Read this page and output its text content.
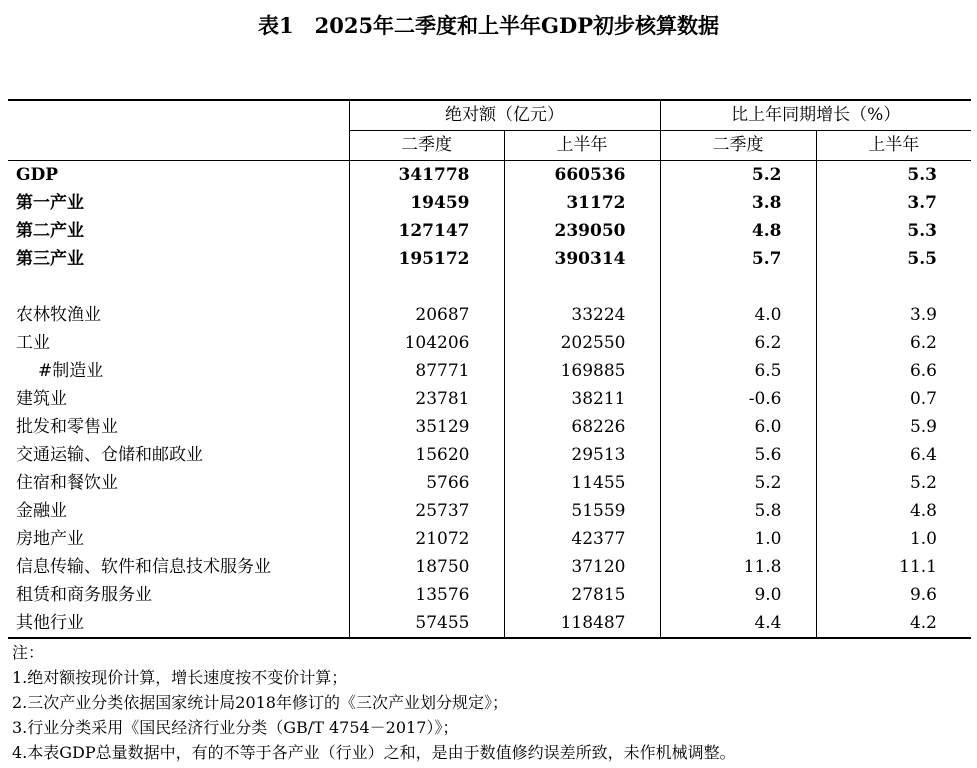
表1　2025年二季度和上半年GDP初步核算数据
	绝对额（亿元）		比上年同期增长（%）	
	二季度	上半年	二季度	上半年
GDP	341778	660536	5.2	5.3
第一产业	19459	31172	3.8	3.7
第二产业	127147	239050	4.8	5.3
第三产业	195172	390314	5.7	5.5

农林牧渔业	20687	33224	4.0	3.9
工业	104206	202550	6.2	6.2
#制造业	87771	169885	6.5	6.6
建筑业	23781	38211	-0.6	0.7
批发和零售业	35129	68226	6.0	5.9
交通运输、仓储和邮政业	15620	29513	5.6	6.4
住宿和餐饮业	5766	11455	5.2	5.2
金融业	25737	51559	5.8	4.8
房地产业	21072	42377	1.0	1.0
信息传输、软件和信息技术服务业	18750	37120	11.8	11.1
租赁和商务服务业	13576	27815	9.0	9.6
其他行业	57455	118487	4.4	4.2
注：
1.绝对额按现价计算，增长速度按不变价计算；
2.三次产业分类依据国家统计局2018年修订的《三次产业划分规定》；
3.行业分类采用《国民经济行业分类（GB/T 4754－2017）》；
4.本表GDP总量数据中，有的不等于各产业（行业）之和，是由于数值修约误差所致，未作机械调整。
